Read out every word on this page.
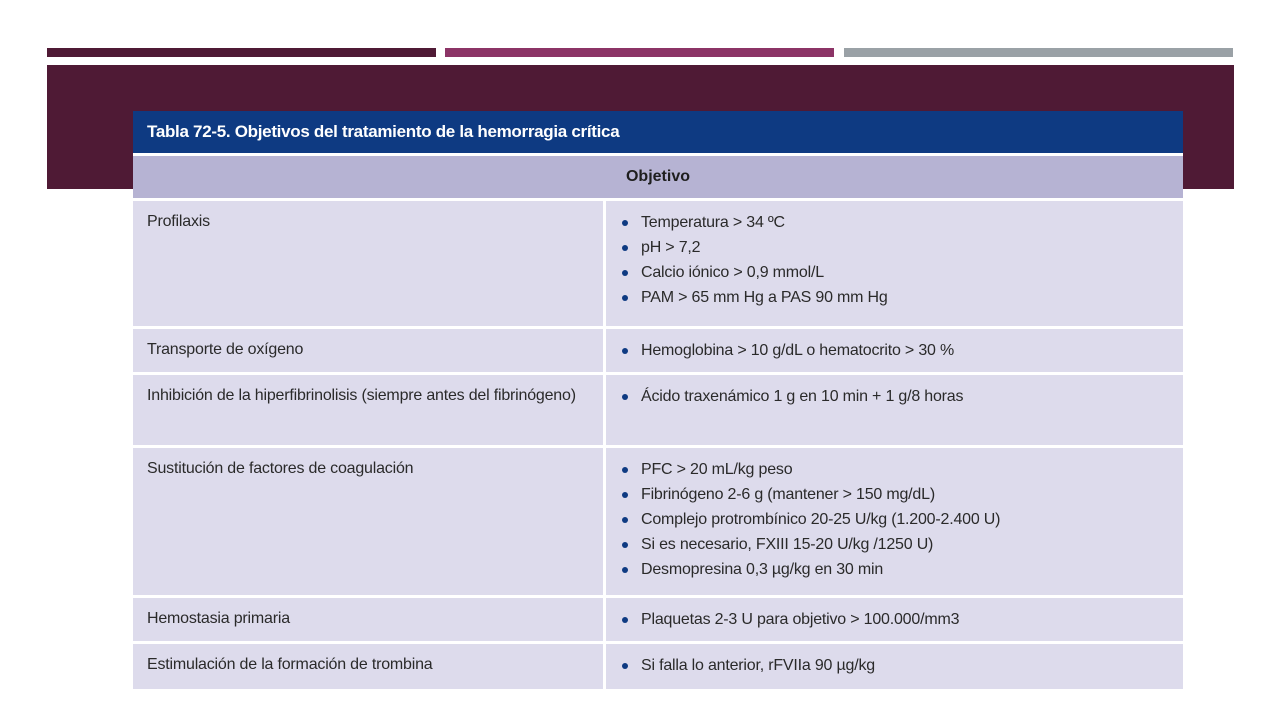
Tabla 72-5. Objetivos del tratamiento de la hemorragia crítica
Objetivo
Profilaxis	Temperatura > 34 ºC
pH > 7,2
Calcio iónico > 0,9 mmol/L
PAM > 65 mm Hg a PAS 90 mm Hg
Transporte de oxígeno	Hemoglobina > 10 g/dL o hematocrito > 30 %
Inhibición de la hiperfibrinolisis (siempre antes del fibrinógeno)	Ácido traxenámico 1 g en 10 min + 1 g/8 horas
Sustitución de factores de coagulación	PFC > 20 mL/kg peso
Fibrinógeno 2-6 g (mantener > 150 mg/dL)
Complejo protrombínico 20-25 U/kg (1.200-2.400 U)
Si es necesario, FXIII 15-20 U/kg /1250 U)
Desmopresina 0,3 µg/kg en 30 min
Hemostasia primaria	Plaquetas 2-3 U para objetivo > 100.000/mm3
Estimulación de la formación de trombina	Si falla lo anterior, rFVIIa 90 µg/kg
